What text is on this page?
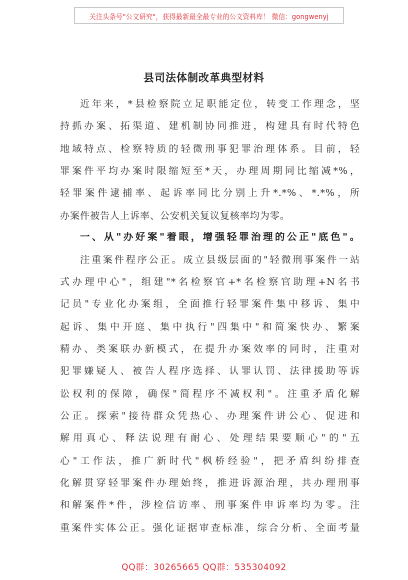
关注头条号"公文研究"，获得最新最全最专业的公文资料库！ 微信：gongwenyj
县司法体制改革典型材料
近年来，*县检察院立足职能定位，转变工作理念，坚
持抓办案、拓渠道、建机制协同推进，构建具有时代特色
地域特点、检察特质的轻微刑事犯罪治理体系。目前，轻
罪案件平均办案时限缩短至*天，办理周期同比缩减*%，
轻罪案件逮捕率、起诉率同比分别上升*.*%、*.*%，所
办案件被告人上诉率、公安机关复议复核率均为零。
一、从"办好案"着眼，增强轻罪治理的公正"底色"。
注重案件程序公正。成立县级层面的"轻微刑事案件一站
式办理中心"，组建"*名检察官+*名检察官助理+N名书
记员"专业化办案组，全面推行轻罪案件集中移诉、集中
起诉、集中开庭、集中执行"四集中"和简案快办、繁案
精办、类案联办新模式，在提升办案效率的同时，注重对
犯罪嫌疑人、被告人程序选择、认罪认罚、法律援助等诉
讼权利的保障，确保"简程序不减权利"。注重矛盾化解
公正。探索"接待群众凭热心、办理案件讲公心、促进和
解用真心、释法说理有耐心、处理结果要顺心"的"五
心"工作法，推广新时代"枫桥经验"，把矛盾纠纷排查
化解贯穿轻罪案件办理始终，推进诉源治理，共办理刑事
和解案件*件，涉检信访率、刑事案件申诉率均为零。注
重案件实体公正。强化证据审查标准，综合分析、全面考量
QQ群：30265665 QQ群：535304092
